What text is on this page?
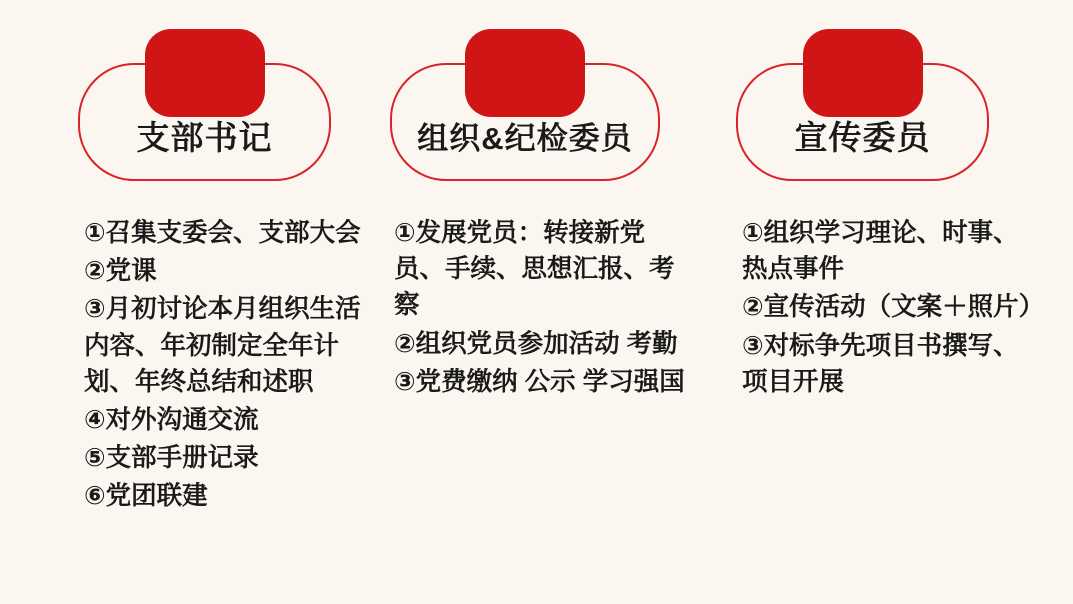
支部书记
①召集支委会、支部大会
②党课
③月初讨论本月组织生活内容、年初制定全年计划、年终总结和述职
④对外沟通交流
⑤支部手册记录
⑥党团联建
组织&纪检委员
①发展党员：转接新党员、手续、思想汇报、考察
②组织党员参加活动 考勤
③党费缴纳 公示 学习强国
宣传委员
①组织学习理论、时事、热点事件
②宣传活动（文案＋照片）
③对标争先项目书撰写、项目开展
